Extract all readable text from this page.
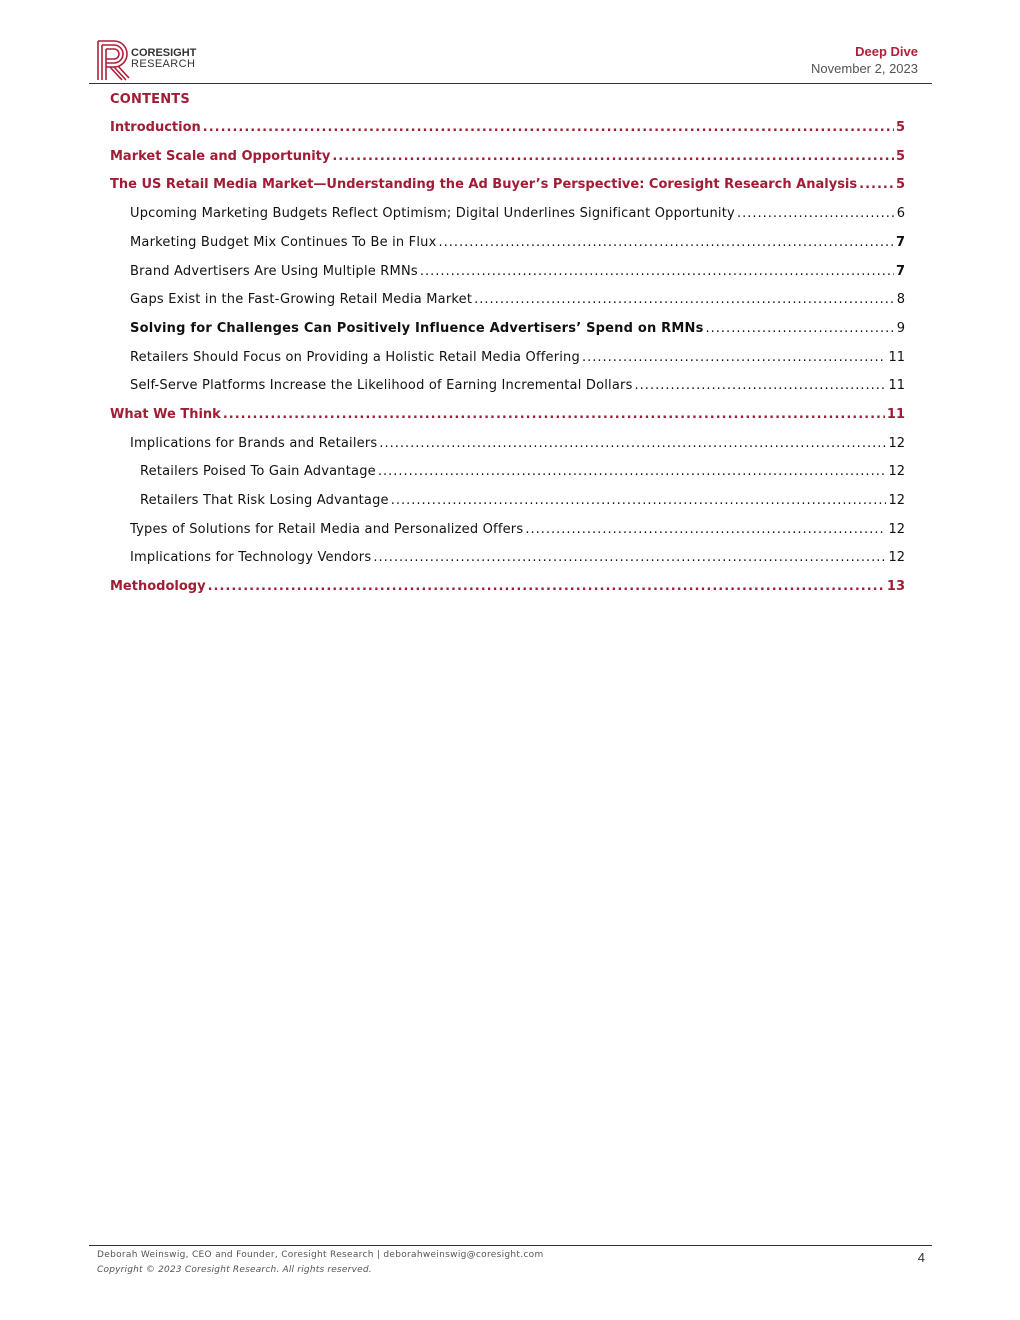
CORESIGHT
RESEARCH
Deep Dive
November 2, 2023
CONTENTS
Introduction .....	5
Market Scale and Opportunity .....	5
The US Retail Media Market—Understanding the Ad Buyer’s Perspective: Coresight Research Analysis .....	5
Upcoming Marketing Budgets Reflect Optimism; Digital Underlines Significant Opportunity .....	6
Marketing Budget Mix Continues To Be in Flux .....	7
Brand Advertisers Are Using Multiple RMNs .....	7
Gaps Exist in the Fast-Growing Retail Media Market .....	8
Solving for Challenges Can Positively Influence Advertisers’ Spend on RMNs .....	9
Retailers Should Focus on Providing a Holistic Retail Media Offering .....	11
Self-Serve Platforms Increase the Likelihood of Earning Incremental Dollars .....	11
What We Think .....	11
Implications for Brands and Retailers .....	12
Retailers Poised To Gain Advantage .....	12
Retailers That Risk Losing Advantage .....	12
Types of Solutions for Retail Media and Personalized Offers .....	12
Implications for Technology Vendors .....	12
Methodology .....	13
Deborah Weinswig, CEO and Founder, Coresight Research | deborahweinswig@coresight.com
Copyright © 2023 Coresight Research. All rights reserved.
4
